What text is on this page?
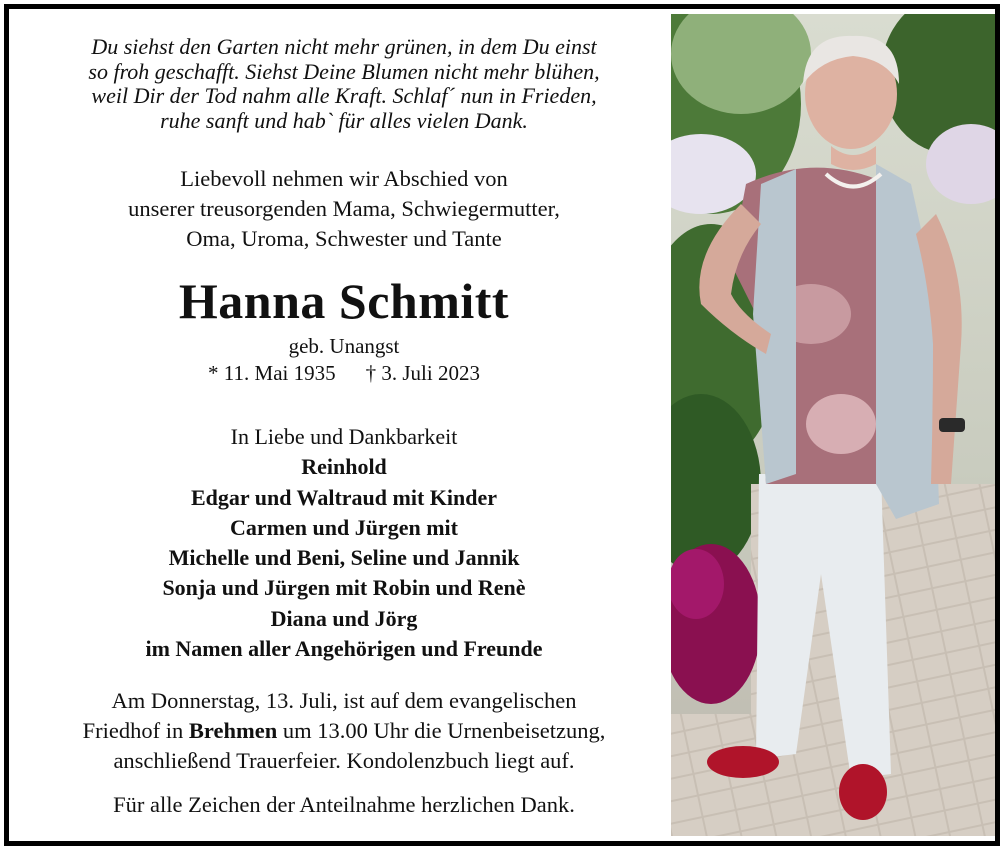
Du siehst den Garten nicht mehr grünen, in dem Du einst
so froh geschafft. Siehst Deine Blumen nicht mehr blühen,
weil Dir der Tod nahm alle Kraft. Schlaf´ nun in Frieden,
ruhe sanft und hab` für alles vielen Dank.
Liebevoll nehmen wir Abschied von
unserer treusorgenden Mama, Schwiegermutter,
Oma, Uroma, Schwester und Tante
Hanna Schmitt
geb. Unangst
* 11. Mai 1935 † 3. Juli 2023
In Liebe und Dankbarkeit
Reinhold
Edgar und Waltraud mit Kinder
Carmen und Jürgen mit
Michelle und Beni, Seline und Jannik
Sonja und Jürgen mit Robin und Renè
Diana und Jörg
im Namen aller Angehörigen und Freunde
Am Donnerstag, 13. Juli, ist auf dem evangelischen
Friedhof in Brehmen um 13.00 Uhr die Urnenbeisetzung,
anschließend Trauerfeier. Kondolenzbuch liegt auf.
Für alle Zeichen der Anteilnahme herzlichen Dank.
